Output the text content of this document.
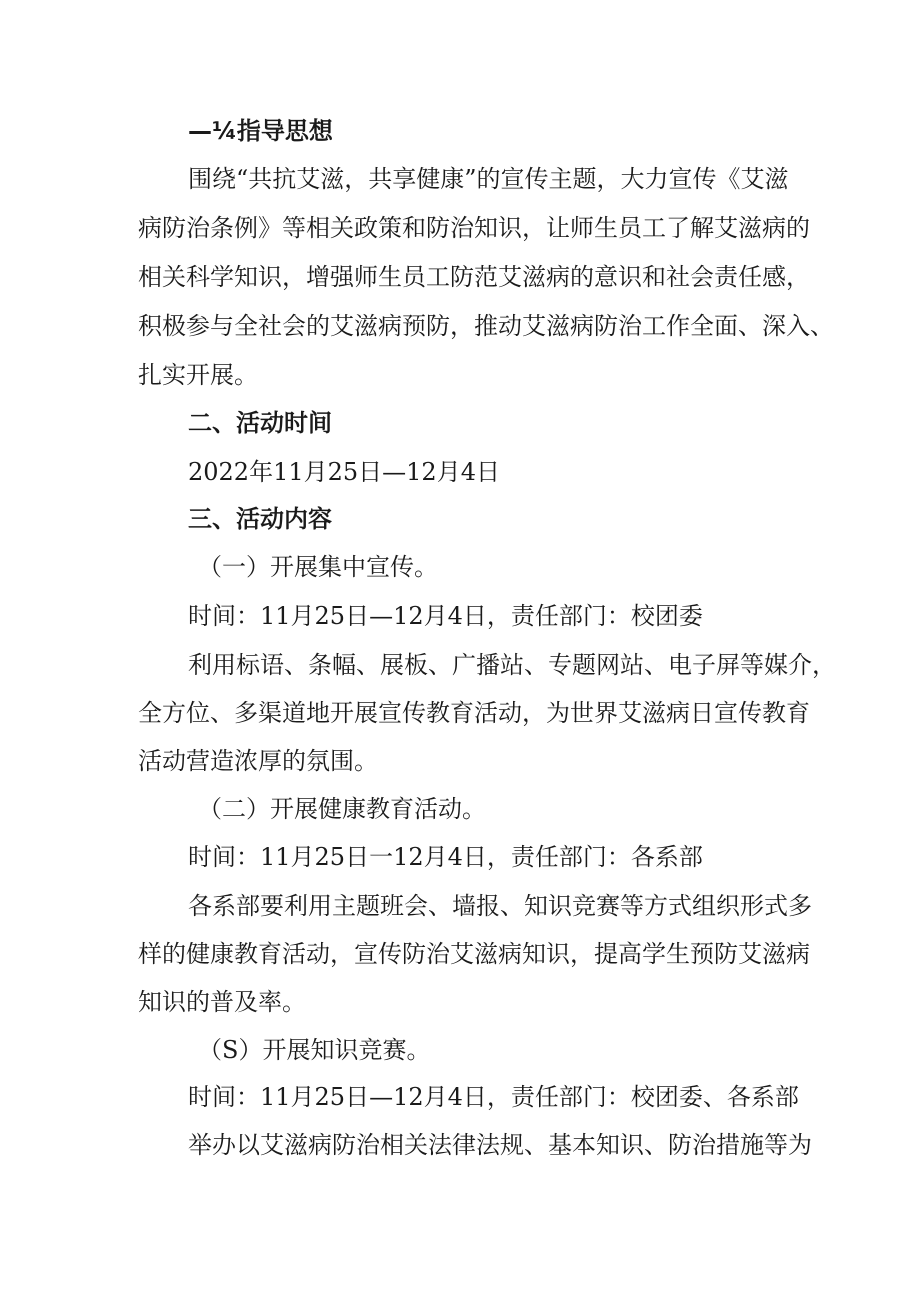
—¼指导思想
围绕“共抗艾滋，共享健康”的宣传主题，大力宣传《艾滋
病防治条例》等相关政策和防治知识，让师生员工了解艾滋病的
相关科学知识，增强师生员工防范艾滋病的意识和社会责任感，
积极参与全社会的艾滋病预防，推动艾滋病防治工作全面、深入、
扎实开展。
二、活动时间
2022年11月25日—12月4日
三、活动内容
（一）开展集中宣传。
时间：11月25日—12月4日，责任部门：校团委
利用标语、条幅、展板、广播站、专题网站、电子屏等媒介，
全方位、多渠道地开展宣传教育活动，为世界艾滋病日宣传教育
活动营造浓厚的氛围。
（二）开展健康教育活动。
时间：11月25日一12月4日，责任部门：各系部
各系部要利用主题班会、墙报、知识竞赛等方式组织形式多
样的健康教育活动，宣传防治艾滋病知识，提高学生预防艾滋病
知识的普及率。
（S）开展知识竞赛。
时间：11月25日—12月4日，责任部门：校团委、各系部
举办以艾滋病防治相关法律法规、基本知识、防治措施等为
